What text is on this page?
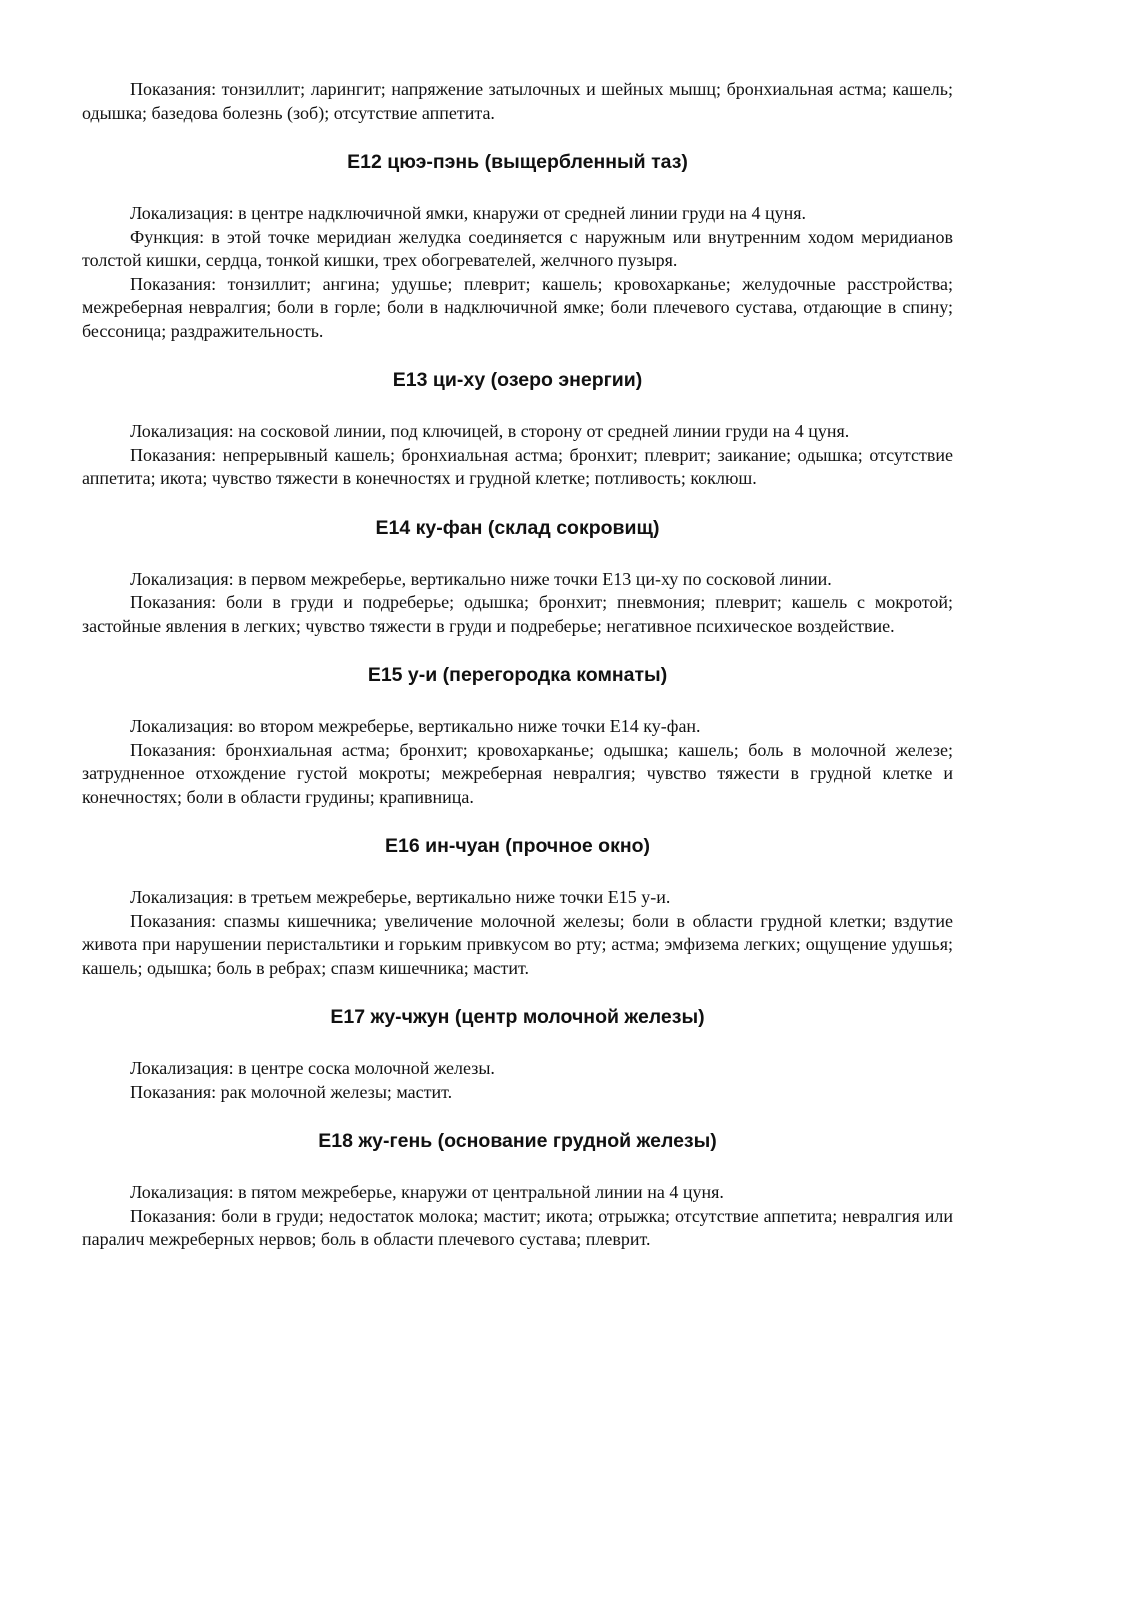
Показания: тонзиллит; ларингит; напряжение затылочных и шейных мышц; бронхиальная астма; кашель; одышка; базедова болезнь (зоб); отсутствие аппетита.

Е12 цюэ-пэнь (выщербленный таз)

Локализация: в центре надключичной ямки, кнаружи от средней линии груди на 4 цуня.

Функция: в этой точке меридиан желудка соединяется с наружным или внутренним ходом меридианов толстой кишки, сердца, тонкой кишки, трех обогревателей, желчного пузыря.

Показания: тонзиллит; ангина; удушье; плеврит; кашель; кровохарканье; желудочные расстройства; межреберная невралгия; боли в горле; боли в надключичной ямке; боли плечевого сустава, отдающие в спину; бессоница; раздражительность.

Е13 ци-ху (озеро энергии)

Локализация: на сосковой линии, под ключицей, в сторону от средней линии груди на 4 цуня.

Показания: непрерывный кашель; бронхиальная астма; бронхит; плеврит; заикание; одышка; отсутствие аппетита; икота; чувство тяжести в конечностях и грудной клетке; потливость; коклюш.

Е14 ку-фан (склад сокровищ)

Локализация: в первом межреберье, вертикально ниже точки Е13 ци-ху по сосковой линии.

Показания: боли в груди и подреберье; одышка; бронхит; пневмония; плеврит; кашель с мокротой; застойные явления в легких; чувство тяжести в груди и подреберье; негативное психическое воздействие.

Е15 у-и (перегородка комнаты)

Локализация: во втором межреберье, вертикально ниже точки Е14 ку-фан.

Показания: бронхиальная астма; бронхит; кровохарканье; одышка; кашель; боль в молочной железе; затрудненное отхождение густой мокроты; межреберная невралгия; чувство тяжести в грудной клетке и конечностях; боли в области грудины; крапивница.

Е16 ин-чуан (прочное окно)

Локализация: в третьем межреберье, вертикально ниже точки Е15 у-и.

Показания: спазмы кишечника; увеличение молочной железы; боли в области грудной клетки; вздутие живота при нарушении перистальтики и горьким привкусом во рту; астма; эмфизема легких; ощущение удушья; кашель; одышка; боль в ребрах; спазм кишечника; мастит.

Е17 жу-чжун (центр молочной железы)

Локализация: в центре соска молочной железы.

Показания: рак молочной железы; мастит.

Е18 жу-гень (основание грудной железы)

Локализация: в пятом межреберье, кнаружи от центральной линии на 4 цуня.

Показания: боли в груди; недостаток молока; мастит; икота; отрыжка; отсутствие аппетита; невралгия или паралич межреберных нервов; боль в области плечевого сустава; плеврит.
